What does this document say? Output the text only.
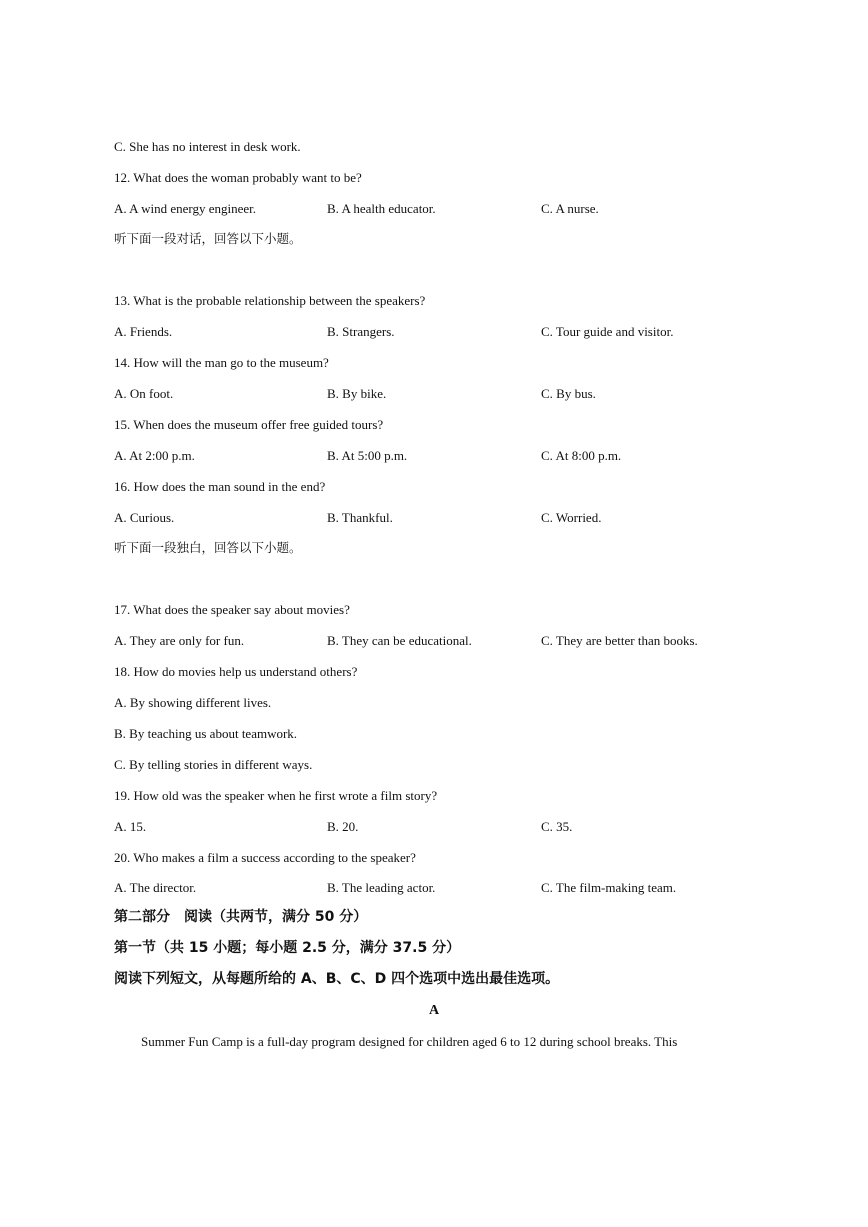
C. She has no interest in desk work.
12. What does the woman probably want to be?
A. A wind energy engineer.	B. A health educator.	C. A nurse.
听下面一段对话，回答以下小题。
13. What is the probable relationship between the speakers?
A. Friends.	B. Strangers.	C. Tour guide and visitor.
14. How will the man go to the museum?
A. On foot.	B. By bike.	C. By bus.
15. When does the museum offer free guided tours?
A. At 2:00 p.m.	B. At 5:00 p.m.	C. At 8:00 p.m.
16. How does the man sound in the end?
A. Curious.	B. Thankful.	C. Worried.
听下面一段独白，回答以下小题。
17. What does the speaker say about movies?
A. They are only for fun.	B. They can be educational.	C. They are better than books.
18. How do movies help us understand others?
A. By showing different lives.
B. By teaching us about teamwork.
C. By telling stories in different ways.
19. How old was the speaker when he first wrote a film story?
A. 15.	B. 20.	C. 35.
20. Who makes a film a success according to the speaker?
A. The director.	B. The leading actor.	C. The film-making team.
第二部分　阅读（共两节，满分 50 分）
第一节（共 15 小题；每小题 2.5 分，满分 37.5 分）
阅读下列短文，从每题所给的 A、B、C、D 四个选项中选出最佳选项。
A
Summer Fun Camp is a full-day program designed for children aged 6 to 12 during school breaks. This
